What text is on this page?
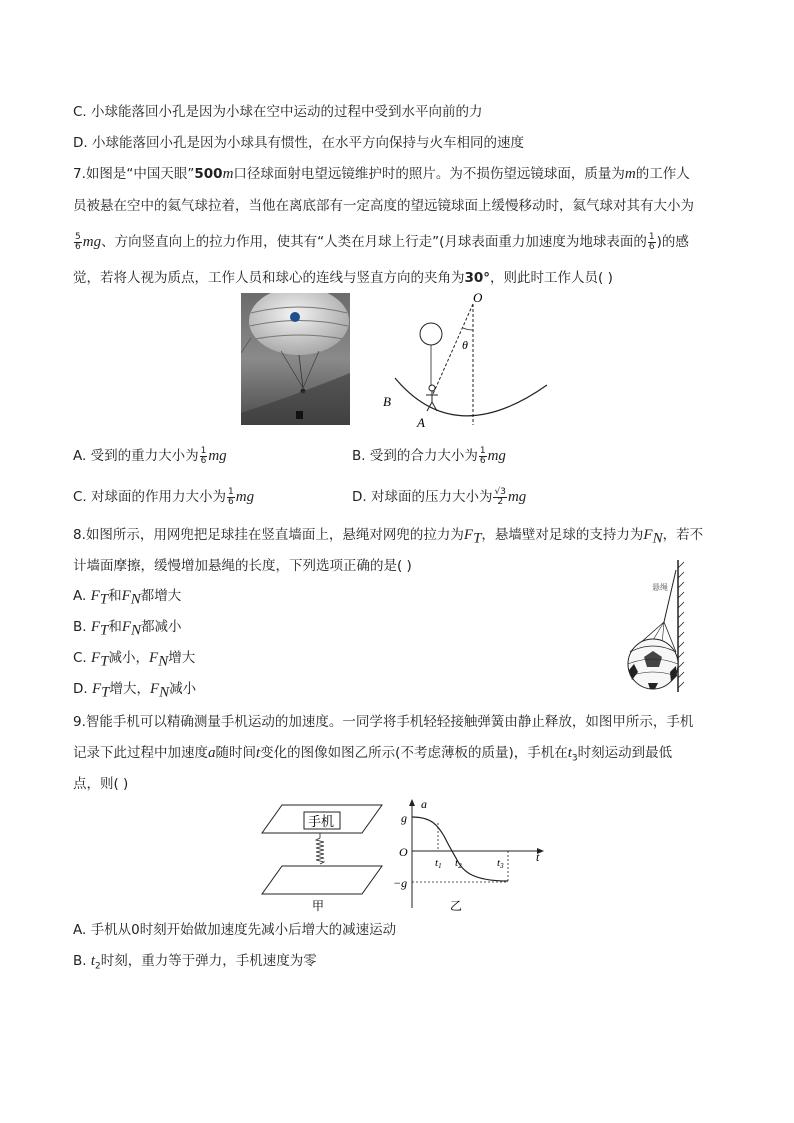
C. 小球能落回小孔是因为小球在空中运动的过程中受到水平向前的力
D. 小球能落回小孔是因为小球具有惯性，在水平方向保持与火车相同的速度
7.如图是“中国天眼”500m口径球面射电望远镜维护时的照片。为不损伤望远镜球面，质量为m的工作人
员被悬在空中的氦气球拉着，当他在离底部有一定高度的望远镜球面上缓慢移动时，氦气球对其有大小为
$\frac{5}{6}$ mg、方向竖直向上的拉力作用，使其有“人类在月球上行走”(月球表面重力加速度为地球表面的 $\frac{1}{6}$ )的感
觉，若将人视为质点，工作人员和球心的连线与竖直方向的夹角为30°，则此时工作人员( )
O
θ
B
A
A. 受到的重力大小为 $\frac{1}{6}$ mg	B. 受到的合力大小为 $\frac{1}{6}$ mg
C. 对球面的作用力大小为 $\frac{1}{6}$ mg	D. 对球面的压力大小为 $\frac{√3}{2}$ mg
8.如图所示，用网兜把足球挂在竖直墙面上，悬绳对网兜的拉力为$F_T$，悬墙壁对足球的支持力为$F_N$，若不
计墙面摩擦，缓慢增加悬绳的长度，下列选项正确的是( )
A. $F_T$和$F_N$都增大
B. $F_T$和$F_N$都减小
C. $F_T$减小，$F_N$增大
D. $F_T$增大，$F_N$减小
悬绳
9.智能手机可以精确测量手机运动的加速度。一同学将手机轻轻接触弹簧由静止释放，如图甲所示，手机
记录下此过程中加速度a随时间t变化的图像如图乙所示(不考虑薄板的质量)，手机在$t_3$时刻运动到最低
点，则( )
手机
甲
a
g
O
−g
t
t1 t2	t3
乙
A. 手机从0时刻开始做加速度先减小后增大的减速运动
B. $t_2$时刻，重力等于弹力，手机速度为零
